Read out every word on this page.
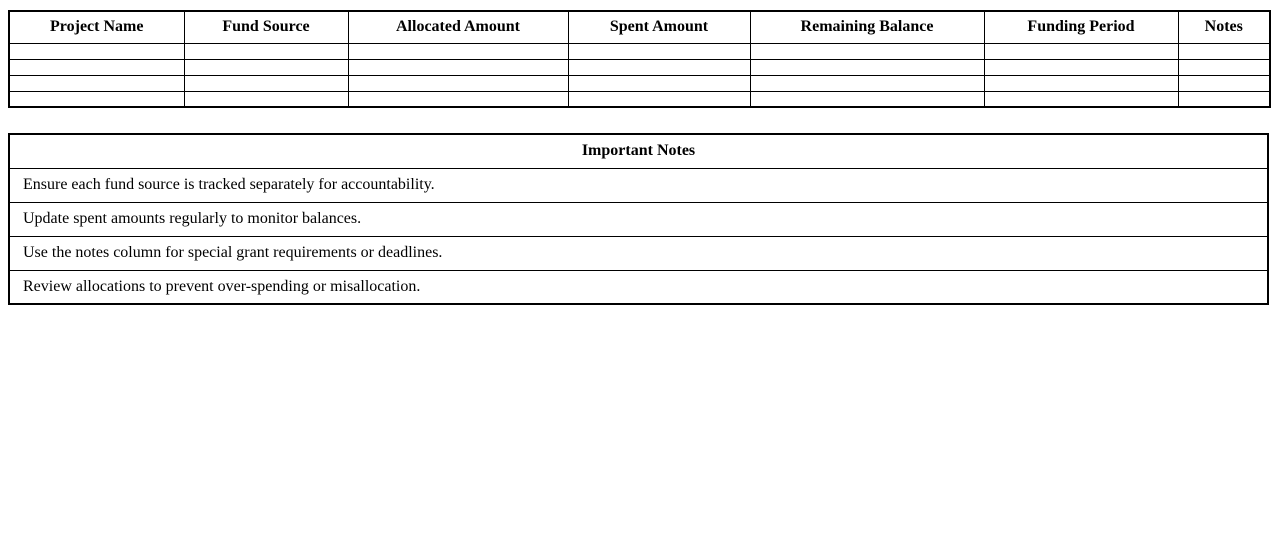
Project Name	Fund Source	Allocated Amount	Spent Amount	Remaining Balance	Funding Period	Notes

Important Notes
Ensure each fund source is tracked separately for accountability.
Update spent amounts regularly to monitor balances.
Use the notes column for special grant requirements or deadlines.
Review allocations to prevent over-spending or misallocation.
